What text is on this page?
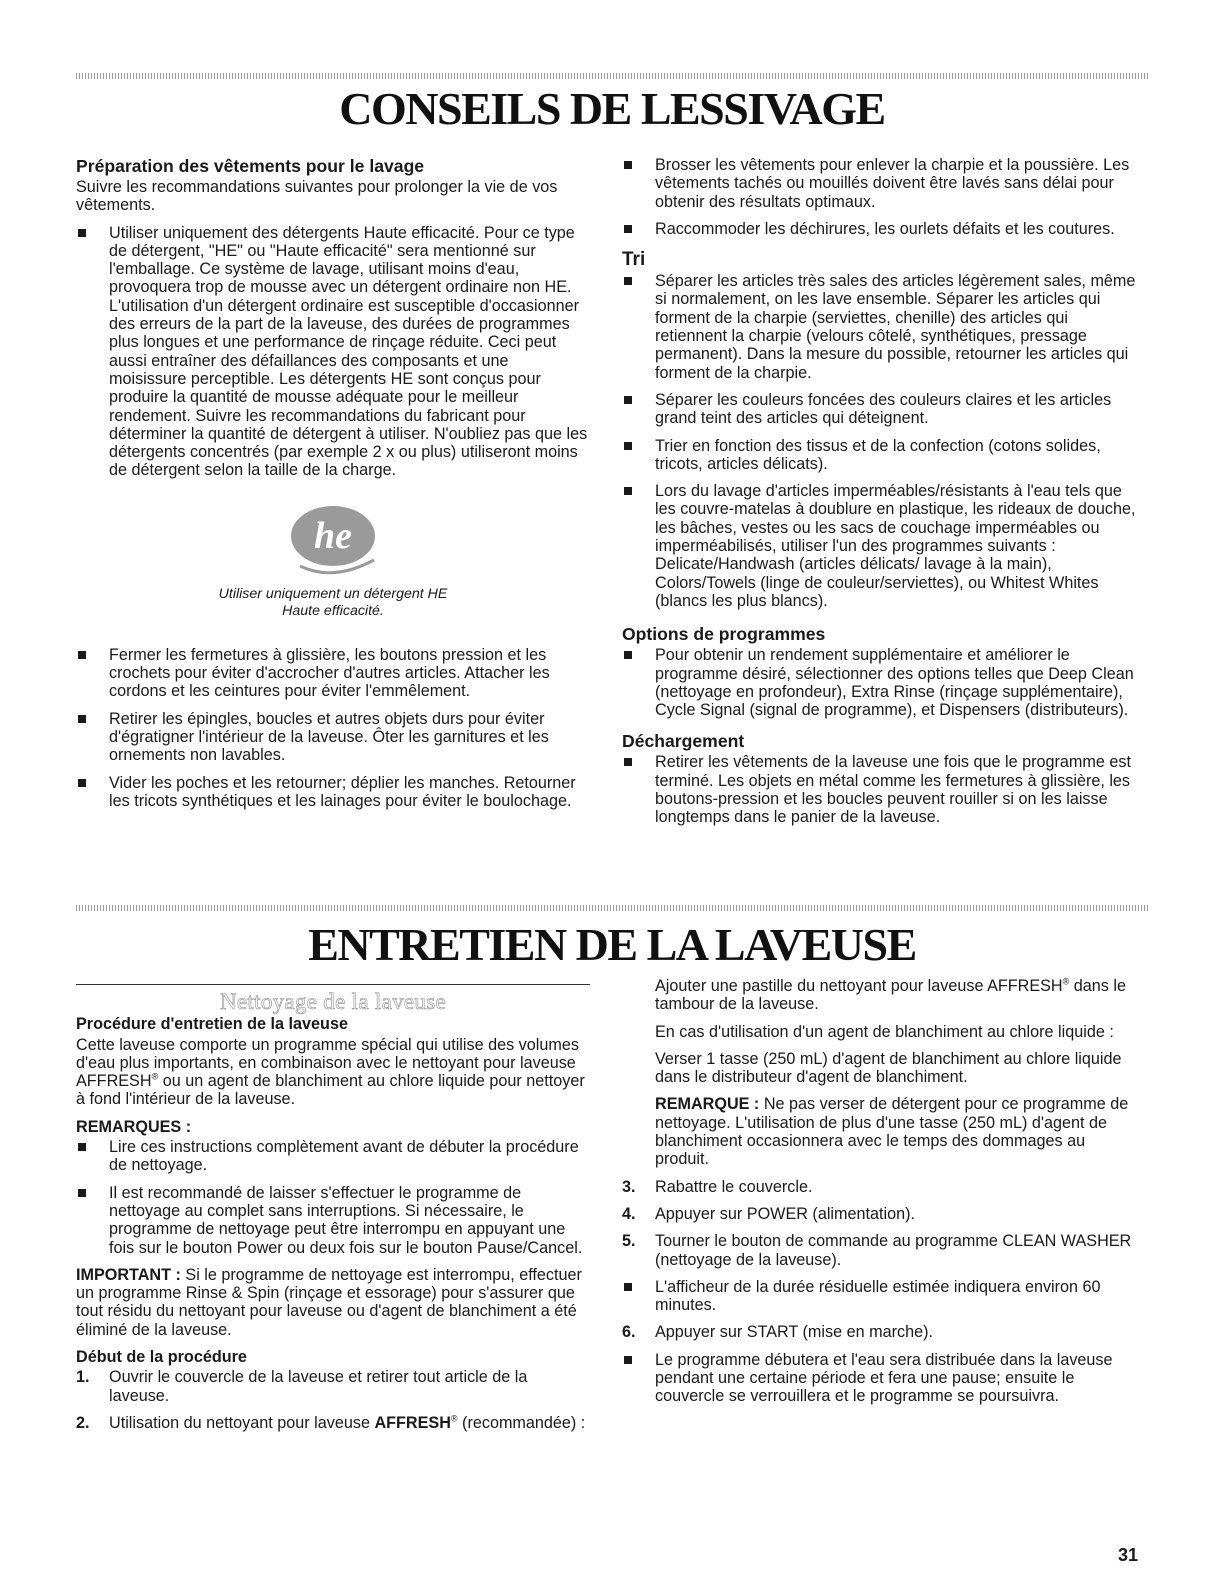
CONSEILS DE LESSIVAGE
Préparation des vêtements pour le lavage

Suivre les recommandations suivantes pour prolonger la vie de vos vêtements.

Utiliser uniquement des détergents Haute efficacité. Pour ce type de détergent, "HE" ou "Haute efficacité" sera mentionné sur l'emballage. Ce système de lavage, utilisant moins d'eau, provoquera trop de mousse avec un détergent ordinaire non HE. L'utilisation d'un détergent ordinaire est susceptible d'occasionner des erreurs de la part de la laveuse, des durées de programmes plus longues et une performance de rinçage réduite. Ceci peut aussi entraîner des défaillances des composants et une moisissure perceptible. Les détergents HE sont conçus pour produire la quantité de mousse adéquate pour le meilleur rendement. Suivre les recommandations du fabricant pour déterminer la quantité de détergent à utiliser. N'oubliez pas que les détergents concentrés (par exemple 2 x ou plus) utiliseront moins de détergent selon la taille de la charge.
he
Utiliser uniquement un détergent HE
Haute efficacité.
Fermer les fermetures à glissière, les boutons pression et les crochets pour éviter d'accrocher d'autres articles. Attacher les cordons et les ceintures pour éviter l'emmêlement.
Retirer les épingles, boucles et autres objets durs pour éviter d'égratigner l'intérieur de la laveuse. Ôter les garnitures et les ornements non lavables.
Vider les poches et les retourner; déplier les manches. Retourner les tricots synthétiques et les lainages pour éviter le boulochage.
Brosser les vêtements pour enlever la charpie et la poussière. Les vêtements tachés ou mouillés doivent être lavés sans délai pour obtenir des résultats optimaux.
Raccommoder les déchirures, les ourlets défaits et les coutures.
Tri
Séparer les articles très sales des articles légèrement sales, même si normalement, on les lave ensemble. Séparer les articles qui forment de la charpie (serviettes, chenille) des articles qui retiennent la charpie (velours côtelé, synthétiques, pressage permanent). Dans la mesure du possible, retourner les articles qui forment de la charpie.
Séparer les couleurs foncées des couleurs claires et les articles grand teint des articles qui déteignent.
Trier en fonction des tissus et de la confection (cotons solides, tricots, articles délicats).
Lors du lavage d'articles imperméables/résistants à l'eau tels que les couvre-matelas à doublure en plastique, les rideaux de douche, les bâches, vestes ou les sacs de couchage imperméables ou imperméabilisés, utiliser l'un des programmes suivants : Delicate/Handwash (articles délicats/ lavage à la main), Colors/Towels (linge de couleur/serviettes), ou Whitest Whites (blancs les plus blancs).
Options de programmes
Pour obtenir un rendement supplémentaire et améliorer le programme désiré, sélectionner des options telles que Deep Clean (nettoyage en profondeur), Extra Rinse (rinçage supplémentaire), Cycle Signal (signal de programme), et Dispensers (distributeurs).
Déchargement
Retirer les vêtements de la laveuse une fois que le programme est terminé. Les objets en métal comme les fermetures à glissière, les boutons-pression et les boucles peuvent rouiller si on les laisse longtemps dans le panier de la laveuse.
ENTRETIEN DE LA LAVEUSE
Nettoyage de la laveuse
Procédure d'entretien de la laveuse

Cette laveuse comporte un programme spécial qui utilise des volumes d'eau plus importants, en combinaison avec le nettoyant pour laveuse AFFRESH® ou un agent de blanchiment au chlore liquide pour nettoyer à fond l'intérieur de la laveuse.

REMARQUES :
Lire ces instructions complètement avant de débuter la procédure de nettoyage.
Il est recommandé de laisser s'effectuer le programme de nettoyage au complet sans interruptions. Si nécessaire, le programme de nettoyage peut être interrompu en appuyant une fois sur le bouton Power ou deux fois sur le bouton Pause/Cancel.

IMPORTANT : Si le programme de nettoyage est interrompu, effectuer un programme Rinse & Spin (rinçage et essorage) pour s'assurer que tout résidu du nettoyant pour laveuse ou d'agent de blanchiment a été éliminé de la laveuse.

Début de la procédure
1. Ouvrir le couvercle de la laveuse et retirer tout article de la laveuse.
2. Utilisation du nettoyant pour laveuse AFFRESH® (recommandée) :

Ajouter une pastille du nettoyant pour laveuse AFFRESH® dans le tambour de la laveuse.

En cas d'utilisation d'un agent de blanchiment au chlore liquide :

Verser 1 tasse (250 mL) d'agent de blanchiment au chlore liquide dans le distributeur d'agent de blanchiment.

REMARQUE : Ne pas verser de détergent pour ce programme de nettoyage. L'utilisation de plus d'une tasse (250 mL) d'agent de blanchiment occasionnera avec le temps des dommages au produit.

3. Rabattre le couvercle.
4. Appuyer sur POWER (alimentation).
5. Tourner le bouton de commande au programme CLEAN WASHER (nettoyage de la laveuse).
L'afficheur de la durée résiduelle estimée indiquera environ 60 minutes.
6. Appuyer sur START (mise en marche).
Le programme débutera et l'eau sera distribuée dans la laveuse pendant une certaine période et fera une pause; ensuite le couvercle se verrouillera et le programme se poursuivra.
31
